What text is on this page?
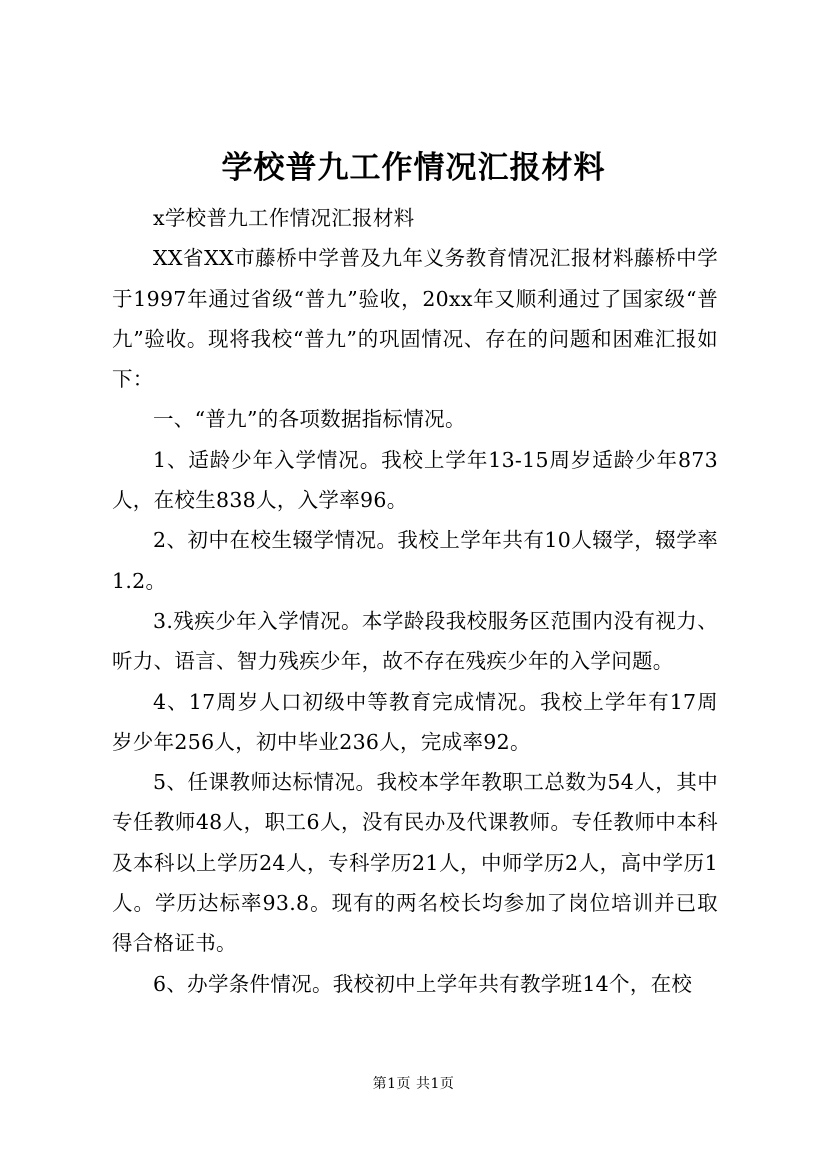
学校普九工作情况汇报材料

x学校普九工作情况汇报材料

XX省XX市藤桥中学普及九年义务教育情况汇报材料藤桥中学于1997年通过省级“普九”验收，20xx年又顺利通过了国家级“普九”验收。现将我校“普九”的巩固情况、存在的问题和困难汇报如下：

一、“普九”的各项数据指标情况。

1、适龄少年入学情况。我校上学年13-15周岁适龄少年873人，在校生838人，入学率96。

2、初中在校生辍学情况。我校上学年共有10人辍学，辍学率1.2。

3.残疾少年入学情况。本学龄段我校服务区范围内没有视力、听力、语言、智力残疾少年，故不存在残疾少年的入学问题。

4、17周岁人口初级中等教育完成情况。我校上学年有17周岁少年256人，初中毕业236人，完成率92。

5、任课教师达标情况。我校本学年教职工总数为54人，其中专任教师48人，职工6人，没有民办及代课教师。专任教师中本科及本科以上学历24人，专科学历21人，中师学历2人，高中学历1人。学历达标率93.8。现有的两名校长均参加了岗位培训并已取得合格证书。

6、办学条件情况。我校初中上学年共有教学班14个，在校

第1页 共1页
